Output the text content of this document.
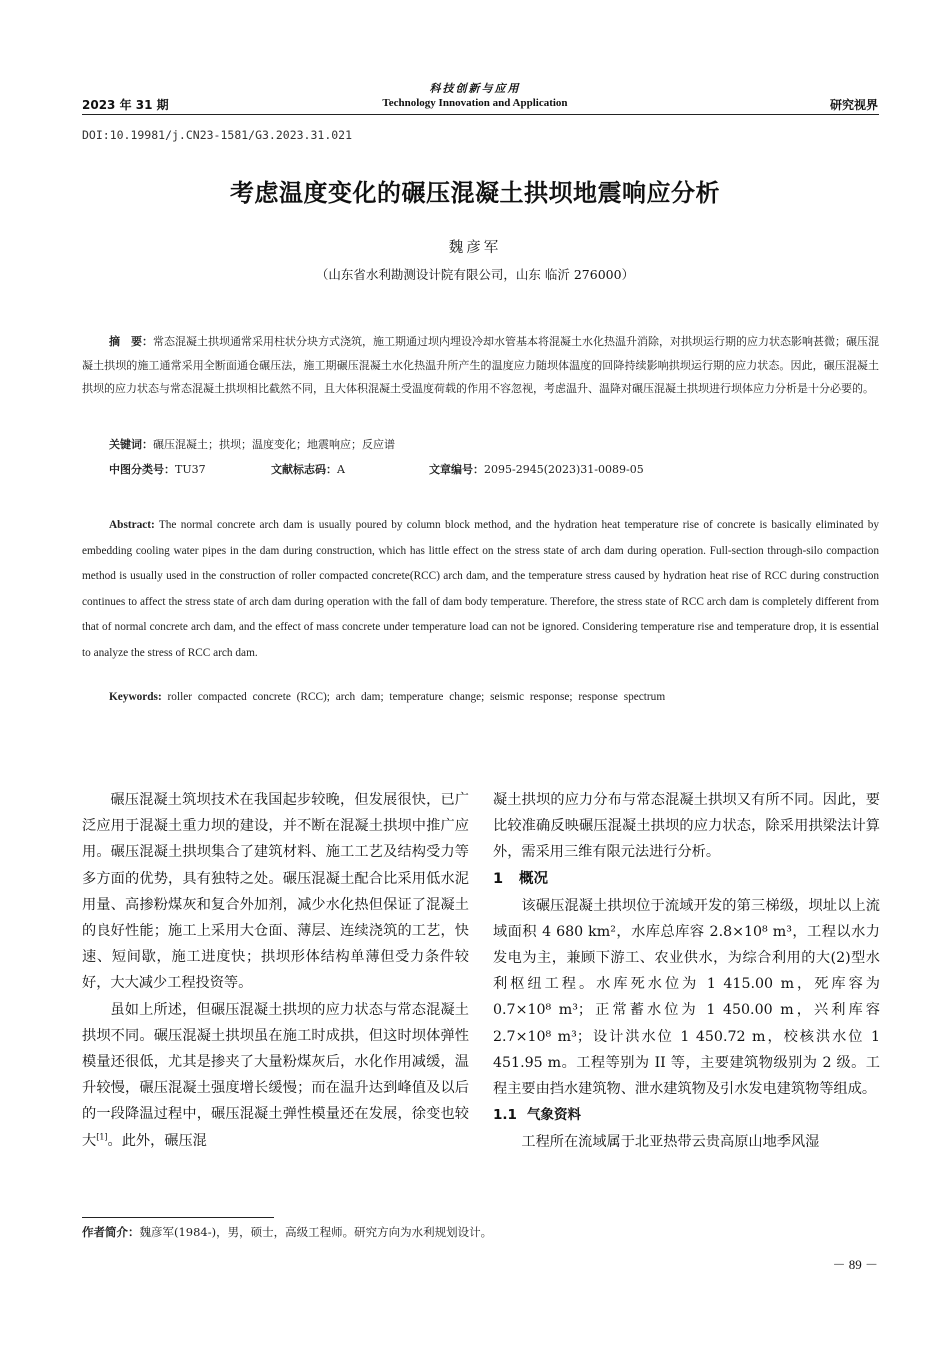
科技创新与应用
2023 年 31 期	Technology Innovation and Application	研究视界
DOI:10.19981/j.CN23-1581/G3.2023.31.021
考虑温度变化的碾压混凝土拱坝地震响应分析
魏彦军
（山东省水利勘测设计院有限公司，山东 临沂 276000）
摘　要：常态混凝土拱坝通常采用柱状分块方式浇筑，施工期通过坝内埋设冷却水管基本将混凝土水化热温升消除，对拱坝运行期的应力状态影响甚微；碾压混凝土拱坝的施工通常采用全断面通仓碾压法，施工期碾压混凝土水化热温升所产生的温度应力随坝体温度的回降持续影响拱坝运行期的应力状态。因此，碾压混凝土拱坝的应力状态与常态混凝土拱坝相比截然不同，且大体积混凝土受温度荷载的作用不容忽视，考虑温升、温降对碾压混凝土拱坝进行坝体应力分析是十分必要的。
关键词：碾压混凝土；拱坝；温度变化；地震响应；反应谱
中图分类号：TU37	文献标志码：A	文章编号：2095-2945(2023)31-0089-05
Abstract: The normal concrete arch dam is usually poured by column block method, and the hydration heat temperature rise of concrete is basically eliminated by embedding cooling water pipes in the dam during construction, which has little effect on the stress state of arch dam during operation. Full-section through-silo compaction method is usually used in the construction of roller compacted concrete(RCC) arch dam, and the temperature stress caused by hydration heat rise of RCC during construction continues to affect the stress state of arch dam during operation with the fall of dam body temperature. Therefore, the stress state of RCC arch dam is completely different from that of normal concrete arch dam, and the effect of mass concrete under temperature load can not be ignored. Considering temperature rise and temperature drop, it is essential to analyze the stress of RCC arch dam.
Keywords: roller compacted concrete (RCC); arch dam; temperature change; seismic response; response spectrum

碾压混凝土筑坝技术在我国起步较晚，但发展很快，已广泛应用于混凝土重力坝的建设，并不断在混凝土拱坝中推广应用。碾压混凝土拱坝集合了建筑材料、施工工艺及结构受力等多方面的优势，具有独特之处。碾压混凝土配合比采用低水泥用量、高掺粉煤灰和复合外加剂，减少水化热但保证了混凝土的良好性能；施工上采用大仓面、薄层、连续浇筑的工艺，快速、短间歇，施工进度快；拱坝形体结构单薄但受力条件较好，大大减少工程投资等。

虽如上所述，但碾压混凝土拱坝的应力状态与常态混凝土拱坝不同。碾压混凝土拱坝虽在施工时成拱，但这时坝体弹性模量还很低，尤其是掺夹了大量粉煤灰后，水化作用减缓，温升较慢，碾压混凝土强度增长缓慢；而在温升达到峰值及以后的一段降温过程中，碾压混凝土弹性模量还在发展，徐变也较大[1]。此外，碾压混

凝土拱坝的应力分布与常态混凝土拱坝又有所不同。因此，要比较准确反映碾压混凝土拱坝的应力状态，除采用拱梁法计算外，需采用三维有限元法进行分析。

1 概况

该碾压混凝土拱坝位于流域开发的第三梯级，坝址以上流域面积 4 680 km²，水库总库容 2.8×10⁸ m³，工程以水力发电为主，兼顾下游工、农业供水，为综合利用的大(2)型水利枢纽工程。水库死水位为 1 415.00 m，死库容为 0.7×10⁸ m³；正常蓄水位为 1 450.00 m，兴利库容2.7×10⁸ m³；设计洪水位 1 450.72 m，校核洪水位 1 451.95 m。工程等别为 II 等，主要建筑物级别为 2 级。工程主要由挡水建筑物、泄水建筑物及引水发电建筑物等组成。

1.1 气象资料

工程所在流域属于北亚热带云贵高原山地季风湿

作者简介：魏彦军(1984-)，男，硕士，高级工程师。研究方向为水利规划设计。
－ 89 －
